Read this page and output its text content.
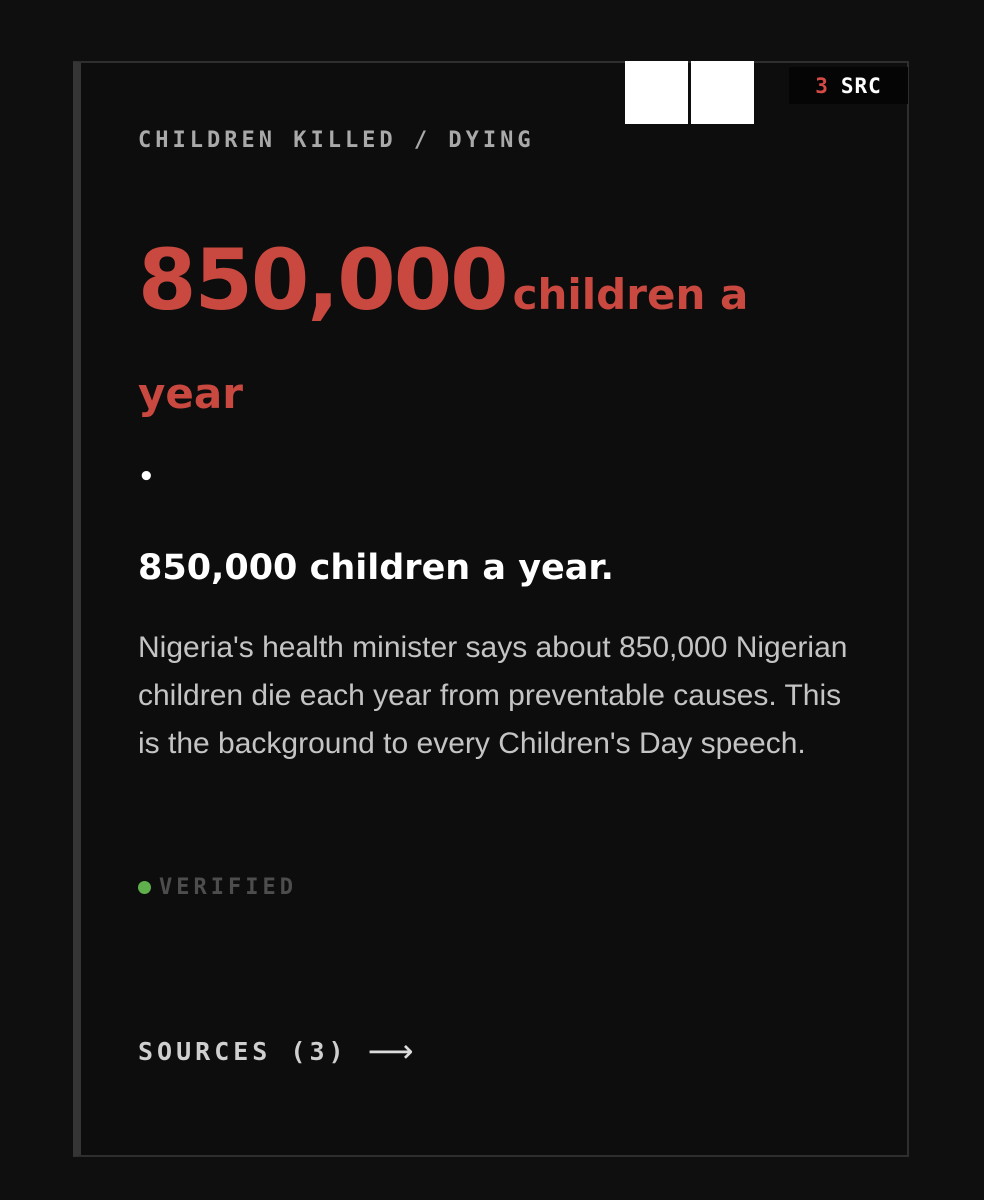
3 SRC
CHILDREN KILLED / DYING
850,000 children a year
•
850,000 children a year.

Nigeria's health minister says about 850,000 Nigerian children die each year from preventable causes. This is the background to every Children's Day speech.

VERIFIED
SOURCES (3) ⟶
